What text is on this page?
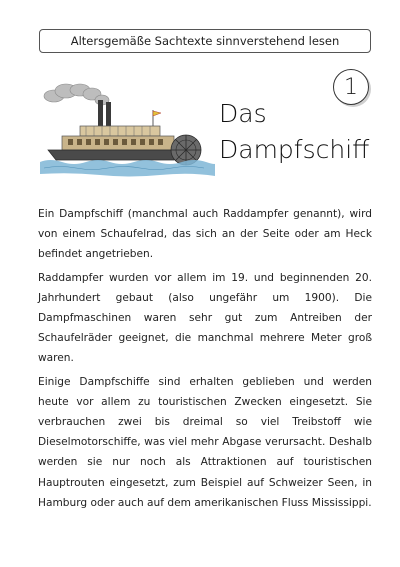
Altersgemäße Sachtexte sinnverstehend lesen
1
Das
Dampfschiff

Ein Dampfschiff (manchmal auch Raddampfer genannt), wird von einem Schaufelrad, das sich an der Seite oder am Heck befindet angetrieben.

Raddampfer wurden vor allem im 19. und beginnenden 20. Jahrhundert gebaut (also ungefähr um 1900). Die Dampfmaschinen waren sehr gut zum Antreiben der Schaufelräder geeignet, die manchmal mehrere Meter groß waren.

Einige Dampfschiffe sind erhalten geblieben und werden heute vor allem zu touristischen Zwecken eingesetzt. Sie verbrauchen zwei bis dreimal so viel Treibstoff wie Dieselmotorschiffe, was viel mehr Abgase verursacht. Deshalb werden sie nur noch als Attraktionen auf touristischen Hauptrouten eingesetzt, zum Beispiel auf Schweizer Seen, in Hamburg oder auch auf dem amerikanischen Fluss Mississippi.
